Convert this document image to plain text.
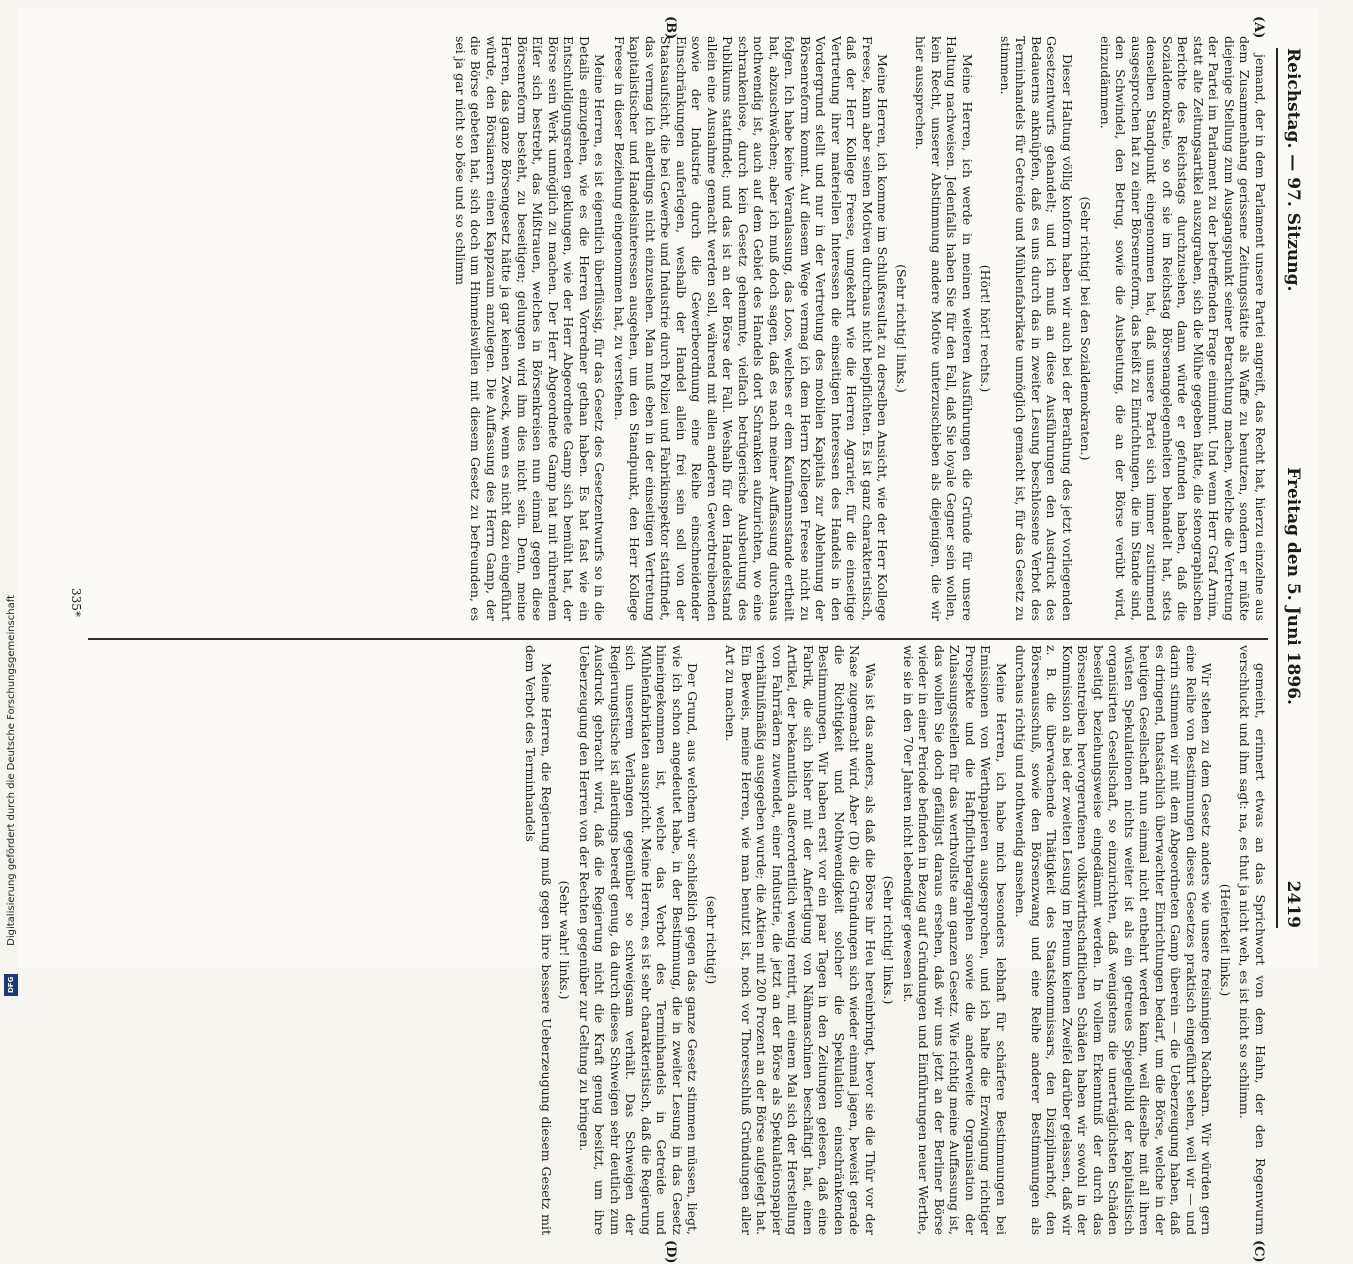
Digitalisierung gefördert durch die Deutsche Forschungsgemeinschaft
DFG
Reichstag. — 97. Sitzung.
Freitag den 5. Juni 1896.
2419
(A)
(B)
(C)
(D)

jemand, der in dem Parlament unsere Partei angreift, das Recht hat, hierzu einzelne aus dem Zusammenhang gerissene Zeitungsstätte als Waffe zu benutzen, sondern er müßte diejenige Stellung zum Ausgangspunkt seiner Betrachtung machen, welche die Vertretung der Partei im Parlament zu der betreffenden Frage einnimmt. Und wenn Herr Graf Arnim, statt alte Zeitungsartikel auszugraben, sich die Mühe gegeben hätte, die stenographischen Berichte des Reichstags durchzusehen, dann würde er gefunden haben, daß die Sozialdemokratie, so oft sie im Reichstag Börsenangelegenheiten behandelt hat, stets denselben Standpunkt eingenommen hat, daß unsere Partei sich immer zustimmend ausgesprochen hat zu einer Börsenreform, das heißt zu Einrichtungen, die im Stande sind, den Schwindel, den Betrug, sowie die Ausbeutung, die an der Börse verübt wird, einzudämmen.

(Sehr richtig! bei den Sozialdemokraten.)

Dieser Haltung völlig konform haben wir auch bei der Berathung des jetzt vorliegenden Gesetzentwurfs gehandelt; und ich muß an diese Ausführungen den Ausdruck des Bedauerns anknüpfen, daß es uns durch das in zweiter Lesung beschlossene Verbot des Terminhandels für Getreide und Mühlenfabrikate unmöglich gemacht ist, für das Gesetz zu stimmen.

(Hört! hört! rechts.)

Meine Herren, ich werde in meinen weiteren Ausführungen die Gründe für unsere Haltung nachweisen. Jedenfalls haben Sie für den Fall, daß Sie loyale Gegner sein wollen, kein Recht, unserer Abstimmung andere Motive unterzuschieben als diejenigen, die wir hier aussprechen.

(Sehr richtig! links.)

Meine Herren, ich komme im Schlußresultat zu derselben Ansicht, wie der Herr Kollege Freese, kann aber seinen Motiven durchaus nicht beipflichten. Es ist ganz charakteristisch, daß der Herr Kollege Freese, umgekehrt wie die Herren Agrarier, für die einseitige Vertretung ihrer materiellen Interessen die einseitigen Interessen des Handels in den Vordergrund stellt und nur in der Vertretung des mobilen Kapitals zur Ablehnung der Börsenreform kommt. Auf diesem Wege vermag ich dem Herrn Kollegen Freese nicht zu folgen. Ich habe keine Veranlassung, das Loos, welches er dem Kaufmannsstande ertheilt hat, abzuschwächen; aber ich muß doch sagen, daß es nach meiner Auffassung durchaus nothwendig ist, auch auf dem Gebiet des Handels dort Schranken aufzurichten, wo eine schrankenlose, durch kein Gesetz gehemmte, vielfach betrügerische Ausbeutung des Publikums stattfindet; und das ist an der Börse der Fall. Weshalb für den Handelsstand allein eine Ausnahme gemacht werden soll, während mit allen anderen Gewerbtreibenden sowie der Industrie durch die Gewerbeordnung eine Reihe einschneidender Einschränkungen auferlegen, weshalb der Handel allein frei sein soll von der Staatsaufsicht, die bei Gewerbe und Industrie durch Polizei und Fabrikinspektor stattfindet, das vermag ich allerdings nicht einzusehen. Man muß eben in der einseitigen Vertretung kapitalistischer und Handelsinteressen ausgehen, um den Standpunkt, den Herr Kollege Freese in dieser Beziehung eingenommen hat, zu verstehen.

Meine Herren, es ist eigentlich überflüssig, für das Gesetz des Gesetzentwurfs so in die Details einzugehen, wie es die Herren Vorredner gethan haben. Es hat fast wie ein Entschuldigungsreden geklungen, wie der Herr Abgeordnete Gamp sich bemüht hat, der Börse sein Werk unmöglich zu machen. Der Herr Abgeordnete Gamp hat mit rührendem Eifer sich bestrebt, das Mißtrauen, welches in Börsenkreisen nun einmal gegen diese Börsenreform besteht, zu beseitigen; gelungen wird ihm dies nicht sein. Denn, meine Herren, das ganze Börsengesetz hätte ja gar keinen Zweck, wenn es nicht dazu eingeführt würde, den Börsianern einen Kappzaum anzulegen. Die Auffassung des Herrn Gamp, der die Börse gebeten hat, sich doch um Himmelswillen mit diesem Gesetz zu befreunden, es sei ja gar nicht so böse und so schlimm

gemeint, erinnert etwas an das Sprichwort von dem Hahn, der den Regenwurm verschluckt und ihm sagt: na, es thut ja nicht weh, es ist nicht so schlimm.

(Heiterkeit links.)

Wir stehen zu dem Gesetz anders wie unsere freisinnigen Nachbarn. Wir würden gern eine Reihe von Bestimmungen dieses Gesetzes praktisch eingeführt sehen, weil wir — und darin stimmen wir mit dem Abgeordneten Gamp überein — die Ueberzeugung haben, daß es dringend, thatsächlich überwachter Einrichtungen bedarf, um die Börse, welche in der heutigen Gesellschaft nun einmal nicht entbehrt werden kann, weil dieselbe mit all ihren wüsten Spekulationen nichts weiter ist als ein getreues Spiegelbild der kapitalistisch organisirten Gesellschaft, so einzurichten, daß wenigstens die unerträglichsten Schäden beseitigt beziehungsweise eingedämmt werden. In vollem Erkenntniß der durch das Börsentreiben hervorgerufenen volkswirthschaftlichen Schäden haben wir sowohl in der Kommission als bei der zweiten Lesung im Plenum keinen Zweifel darüber gelassen, daß wir z. B. die überwachende Thätigkeit des Staatskommissars, den Disziplinarhof, den Börsenausschuß, sowie den Börsenzwang und eine Reihe anderer Bestimmungen als durchaus richtig und nothwendig ansehen.

Meine Herren, ich habe mich besonders lebhaft für schärfere Bestimmungen bei Emissionen von Werthpapieren ausgesprochen, und ich halte die Erzwingung richtiger Prospekte und die Haftpflichtparagraphen sowie die anderweite Organisation der Zulassungsstellen für das werthvollste am ganzen Gesetz. Wie richtig meine Auffassung ist, das wollen Sie doch gefälligst daraus ersehen, daß wir uns jetzt an der Berliner Börse wieder in einer Periode befinden in Bezug auf Gründungen und Einführungen neuer Werthe, wie sie in den 70er Jahren nicht lebendiger gewesen ist.

(Sehr richtig! links.)

Was ist das anders, als daß die Börse ihr Heu hereinbringt, bevor sie die Thür vor der Nase zugemacht wird. Aber (D) die Gründungen sich wieder einmal jagen, beweist gerade die Richtigkeit und Nothwendigkeit solcher die Spekulation einschränkenden Bestimmungen. Wir haben erst vor ein paar Tagen in den Zeitungen gelesen, daß eine Fabrik, die sich bisher mit der Anfertigung von Nähmaschinen beschäftigt hat, einen Artikel, der bekanntlich außerordentlich wenig rentirt, mit einem Mal sich der Herstellung von Fahrrädern zuwendet, einer Industrie, die jetzt an der Börse als Spekulationspapier verhältnißmäßig ausgegeben wurde; die Aktien mit 200 Prozent an der Börse aufgelegt hat. Ein Beweis, meine Herren, wie man benutzt ist, noch vor Thoresschluß Gründungen aller Art zu machen.

(sehr richtig!)

Der Grund, aus welchem wir schließlich gegen das ganze Gesetz stimmen müssen, liegt, wie ich schon angedeutet habe, in der Bestimmung, die in zweiter Lesung in das Gesetz hineingekommen ist, welche das Verbot des Terminhandels in Getreide und Mühlenfabrikaten ausspricht. Meine Herren, es ist sehr charakteristisch, daß die Regierung sich unserem Verlangen gegenüber so schweigsam verhält. Das Schweigen der Regierungstische ist allerdings beredt genug, da durch dieses Schweigen sehr deutlich zum Ausdruck gebracht wird, daß die Regierung nicht die Kraft genug besitzt, um ihre Ueberzeugung den Herren von der Rechten gegenüber zur Geltung zu bringen.

(Sehr wahr! links.)

Meine Herren, die Regierung muß gegen ihre bessere Ueberzeugung diesem Gesetz mit dem Verbot des Terminhandels

335*
